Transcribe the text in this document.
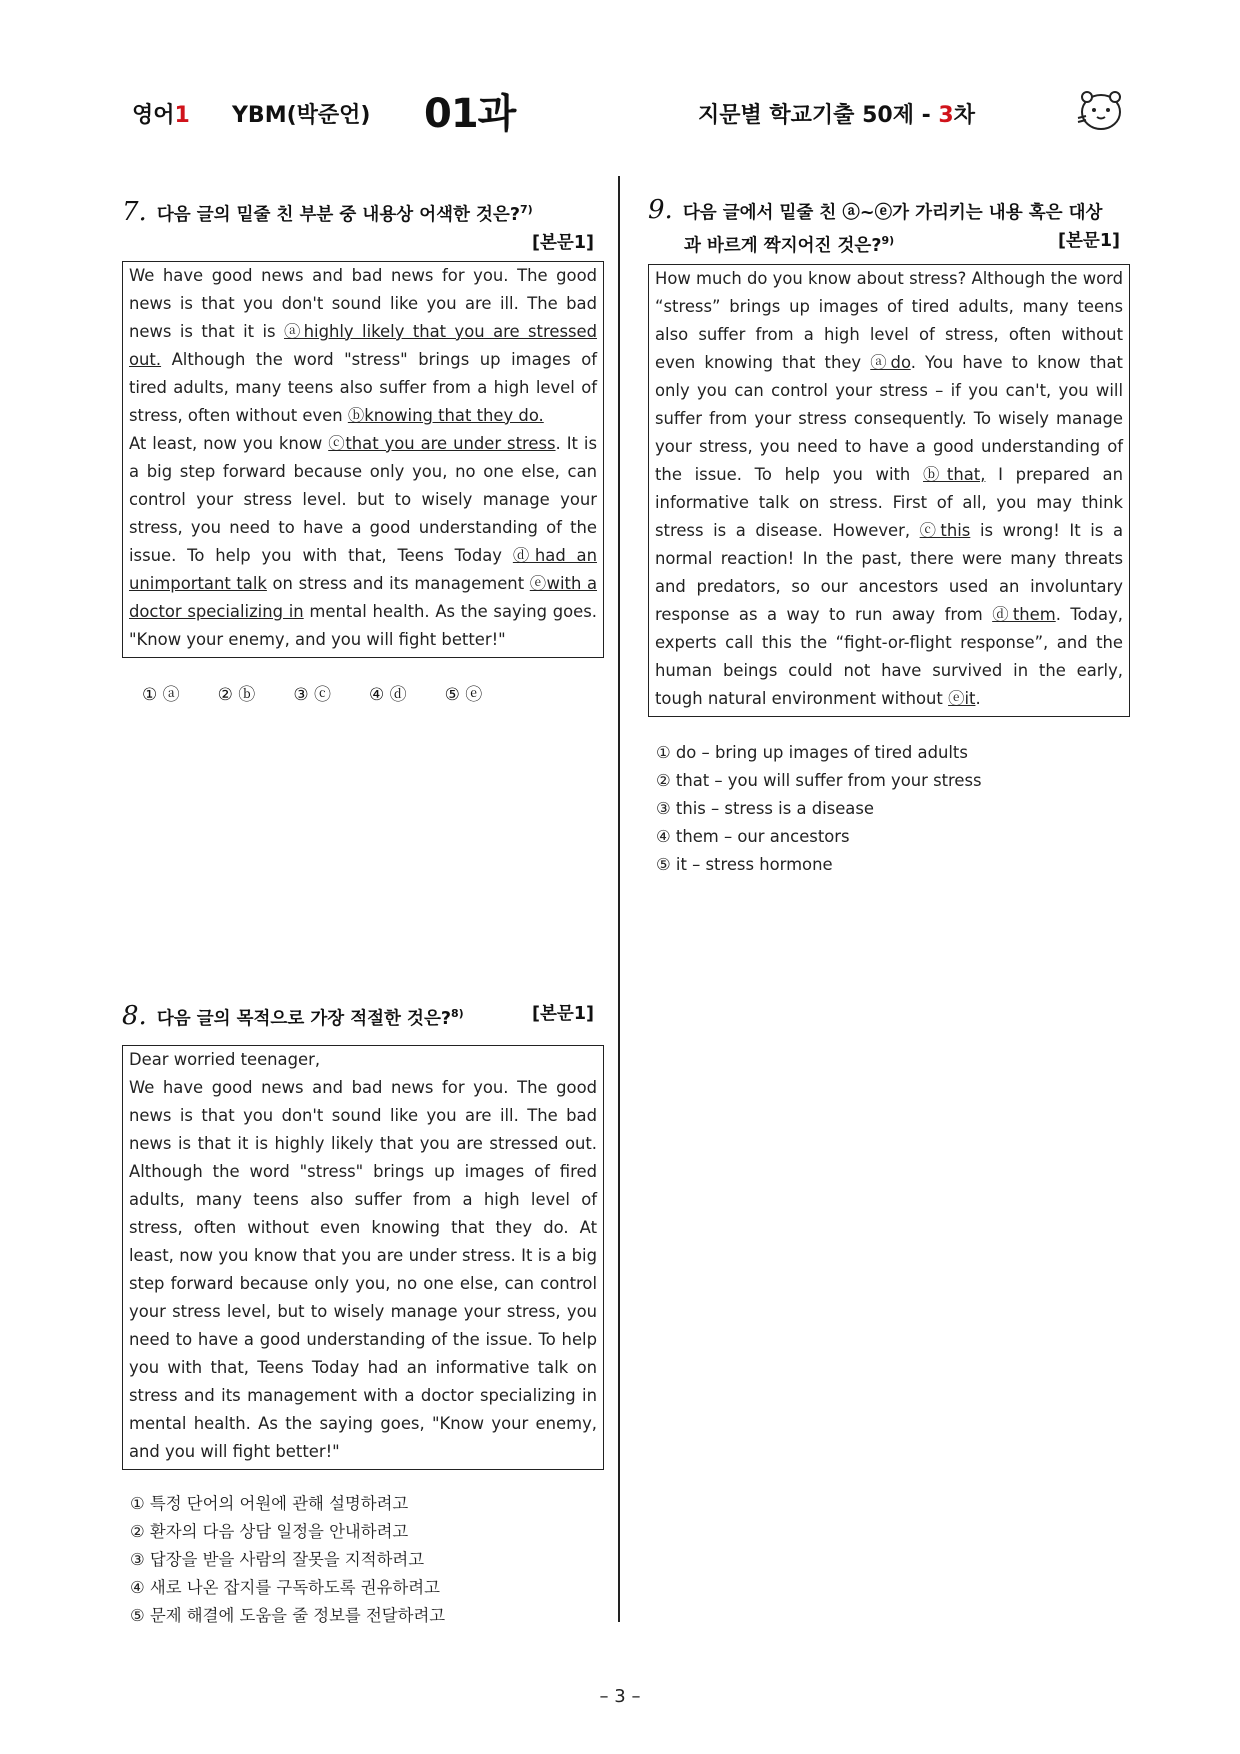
영어1 YBM(박준언) 01과	지문별 학교기출 50제 - 3차
7. 다음 글의 밑줄 친 부분 중 내용상 어색한 것은?$^{7)}$
[본문1]

We have good news and bad news for you. The good news is that you don't sound like you are ill. The bad news is that it is ⓐhighly likely that you are stressed out. Although the word "stress" brings up images of tired adults, many teens also suffer from a high level of stress, often without even ⓑknowing that they do.

At least, now you know ⓒthat you are under stress. It is a big step forward because only you, no one else, can control your stress level. but to wisely manage your stress, you need to have a good understanding of the issue. To help you with that, Teens Today ⓓhad an unimportant talk on stress and its management ⓔwith a doctor specializing in mental health. As the saying goes. "Know your enemy, and you will fight better!"

① ⓐ ② ⓑ ③ ⓒ ④ ⓓ ⑤ ⓔ
8. 다음 글의 목적으로 가장 적절한 것은?$^{8)}$	[본문1]

Dear worried teenager,

We have good news and bad news for you. The good news is that you don't sound like you are ill. The bad news is that it is highly likely that you are stressed out. Although the word "stress" brings up images of fired adults, many teens also suffer from a high level of stress, often without even knowing that they do. At least, now you know that you are under stress. It is a big step forward because only you, no one else, can control your stress level, but to wisely manage your stress, you need to have a good understanding of the issue. To help you with that, Teens Today had an informative talk on stress and its management with a doctor specializing in mental health. As the saying goes, "Know your enemy, and you will fight better!"

① 특정 단어의 어원에 관해 설명하려고
② 환자의 다음 상담 일정을 안내하려고
③ 답장을 받을 사람의 잘못을 지적하려고
④ 새로 나온 잡지를 구독하도록 권유하려고
⑤ 문제 해결에 도움을 줄 정보를 전달하려고
9. 다음 글에서 밑줄 친 ⓐ~ⓔ가 가리키는 내용 혹은 대상
과 바르게 짝지어진 것은?$^{9)}$	[본문1]

How much do you know about stress? Although the word “stress” brings up images of tired adults, many teens also suffer from a high level of stress, often without even knowing that they ⓐdo. You have to know that only you can control your stress – if you can't, you will suffer from your stress consequently. To wisely manage your stress, you need to have a good understanding of the issue. To help you with ⓑthat, I prepared an informative talk on stress. First of all, you may think stress is a disease. However, ⓒthis is wrong! It is a normal reaction! In the past, there were many threats and predators, so our ancestors used an involuntary response as a way to run away from ⓓthem. Today, experts call this the “fight-or-flight response”, and the human beings could not have survived in the early, tough natural environment without ⓔit.

① do – bring up images of tired adults
② that – you will suffer from your stress
③ this – stress is a disease
④ them – our ancestors
⑤ it – stress hormone
– 3 –
